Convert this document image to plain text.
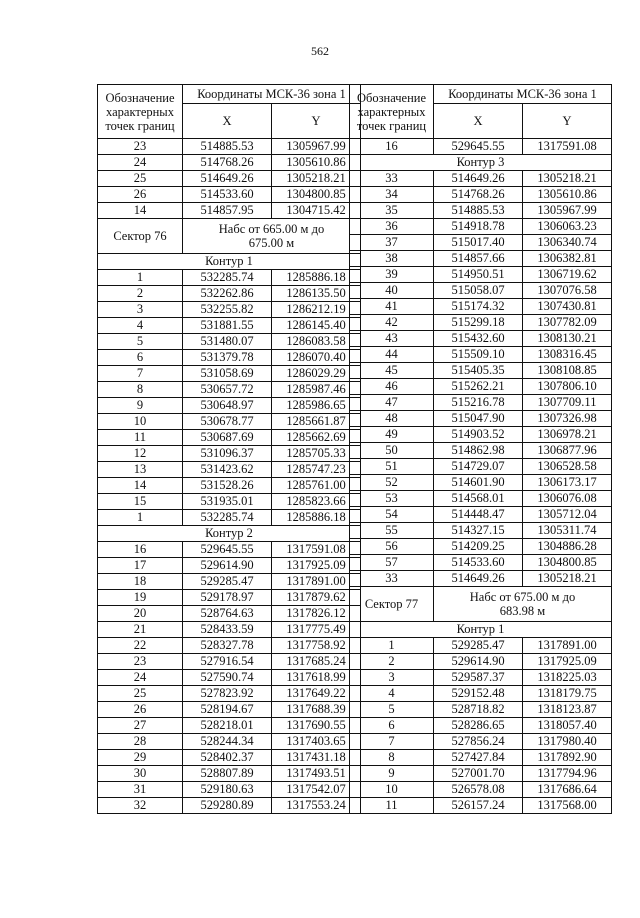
562
Обозначение характерных точек границ	Координаты МСК-36 зона 1	
	X	Y
23	514885.53	1305967.99
24	514768.26	1305610.86
25	514649.26	1305218.21
26	514533.60	1304800.85
14	514857.95	1304715.42
Сектор 76	Набс от 665.00 м до 675.00 м	
Контур 1		
1	532285.74	1285886.18
2	532262.86	1286135.50
3	532255.82	1286212.19
4	531881.55	1286145.40
5	531480.07	1286083.58
6	531379.78	1286070.40
7	531058.69	1286029.29
8	530657.72	1285987.46
9	530648.97	1285986.65
10	530678.77	1285661.87
11	530687.69	1285662.69
12	531096.37	1285705.33
13	531423.62	1285747.23
14	531528.26	1285761.00
15	531935.01	1285823.66
1	532285.74	1285886.18
Контур 2		
16	529645.55	1317591.08
17	529614.90	1317925.09
18	529285.47	1317891.00
19	529178.97	1317879.62
20	528764.63	1317826.12
21	528433.59	1317775.49
22	528327.78	1317758.92
23	527916.54	1317685.24
24	527590.74	1317618.99
25	527823.92	1317649.22
26	528194.67	1317688.39
27	528218.01	1317690.55
28	528244.34	1317403.65
29	528402.37	1317431.18
30	528807.89	1317493.51
31	529180.63	1317542.07
32	529280.89	1317553.24
Обозначение характерных точек границ	Координаты МСК-36 зона 1	
	X	Y
16	529645.55	1317591.08
Контур 3		
33	514649.26	1305218.21
34	514768.26	1305610.86
35	514885.53	1305967.99
36	514918.78	1306063.23
37	515017.40	1306340.74
38	514857.66	1306382.81
39	514950.51	1306719.62
40	515058.07	1307076.58
41	515174.32	1307430.81
42	515299.18	1307782.09
43	515432.60	1308130.21
44	515509.10	1308316.45
45	515405.35	1308108.85
46	515262.21	1307806.10
47	515216.78	1307709.11
48	515047.90	1307326.98
49	514903.52	1306978.21
50	514862.98	1306877.96
51	514729.07	1306528.58
52	514601.90	1306173.17
53	514568.01	1306076.08
54	514448.47	1305712.04
55	514327.15	1305311.74
56	514209.25	1304886.28
57	514533.60	1304800.85
33	514649.26	1305218.21
Сектор 77	Набс от 675.00 м до 683.98 м	
Контур 1		
1	529285.47	1317891.00
2	529614.90	1317925.09
3	529587.37	1318225.03
4	529152.48	1318179.75
5	528718.82	1318123.87
6	528286.65	1318057.40
7	527856.24	1317980.40
8	527427.84	1317892.90
9	527001.70	1317794.96
10	526578.08	1317686.64
11	526157.24	1317568.00
